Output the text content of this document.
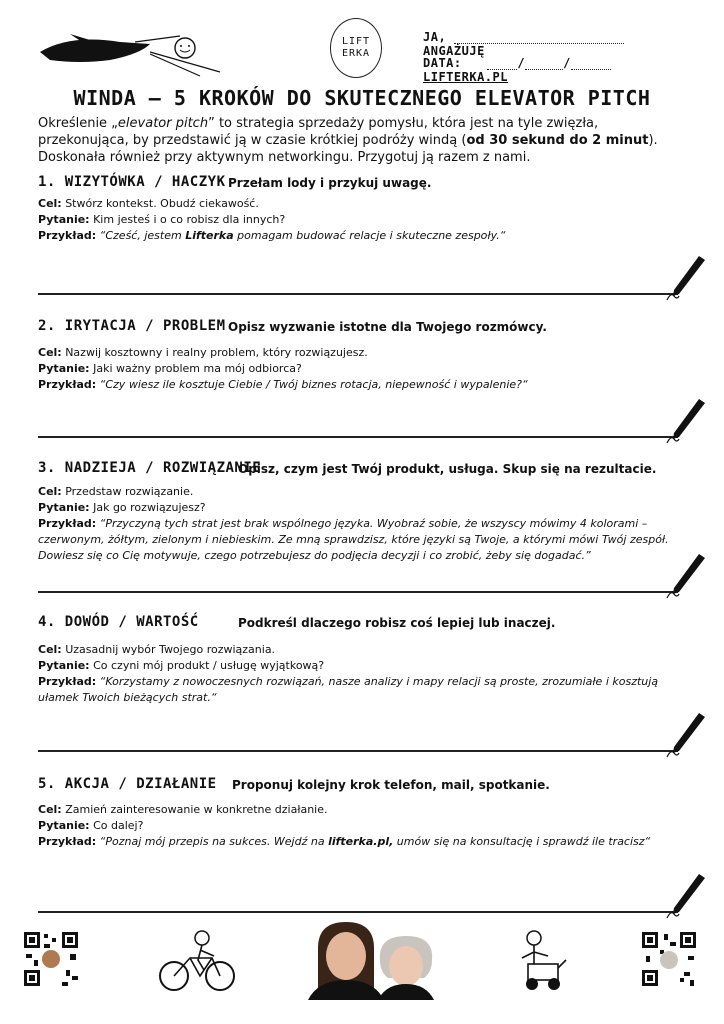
LIFT
ERKA
JA,  ANGAŻUJĘ
DATA:	/	/ LIFTERKA.PL
WINDA – 5 KROKÓW DO SKUTECZNEGO ELEVATOR PITCH
Określenie „elevator pitch” to strategia sprzedaży pomysłu, która jest na tyle zwięzła, przekonująca, by przedstawić ją w czasie krótkiej podróży windą (od 30 sekund do 2 minut). Doskonała również przy aktywnym networkingu. Przygotuj ją razem z nami.
1. WIZYTÓWKA / HACZYK Przełam lody i przykuj uwagę.
Cel: Stwórz kontekst. Obudź ciekawość.
Pytanie: Kim jesteś i o co robisz dla innych?
Przykład: “Cześć, jestem Lifterka pomagam budować relacje i skuteczne zespoły.“
2. IRYTACJA / PROBLEM Opisz wyzwanie istotne dla Twojego rozmówcy.
Cel: Nazwij kosztowny i realny problem, który rozwiązujesz.
Pytanie: Jaki ważny problem ma mój odbiorca?
Przykład: “Czy wiesz ile kosztuje Ciebie / Twój biznes rotacja, niepewność i wypalenie?“
3. NADZIEJA / ROZWIĄZANIE
Opisz, czym jest Twój produkt, usługa. Skup się na rezultacie.
Cel: Przedstaw rozwiązanie.
Pytanie: Jak go rozwiązujesz?
Przykład: “Przyczyną tych strat jest brak wspólnego języka. Wyobraź sobie, że wszyscy mówimy 4 kolorami – czerwonym, żółtym, zielonym i niebieskim. Ze mną sprawdzisz, które języki są Twoje, a którymi mówi Twój zespół. Dowiesz się co Cię motywuje, czego potrzebujesz do podjęcia decyzji i co zrobić, żeby się dogadać.”
4. DOWÓD / WARTOŚĆ	Podkreśl dlaczego robisz coś lepiej lub inaczej.
Cel: Uzasadnij wybór Twojego rozwiązania.
Pytanie: Co czyni mój produkt / usługę wyjątkową?
Przykład: “Korzystamy z nowoczesnych rozwiązań, nasze analizy i mapy relacji są proste, zrozumiałe i kosztują ułamek Twoich bieżących strat.“
5. AKCJA / DZIAŁANIE Proponuj kolejny krok telefon, mail, spotkanie.
Cel: Zamień zainteresowanie w konkretne działanie.
Pytanie: Co dalej?
Przykład: “Poznaj mój przepis na sukces. Wejdź na lifterka.pl, umów się na konsultację i sprawdź ile tracisz“
